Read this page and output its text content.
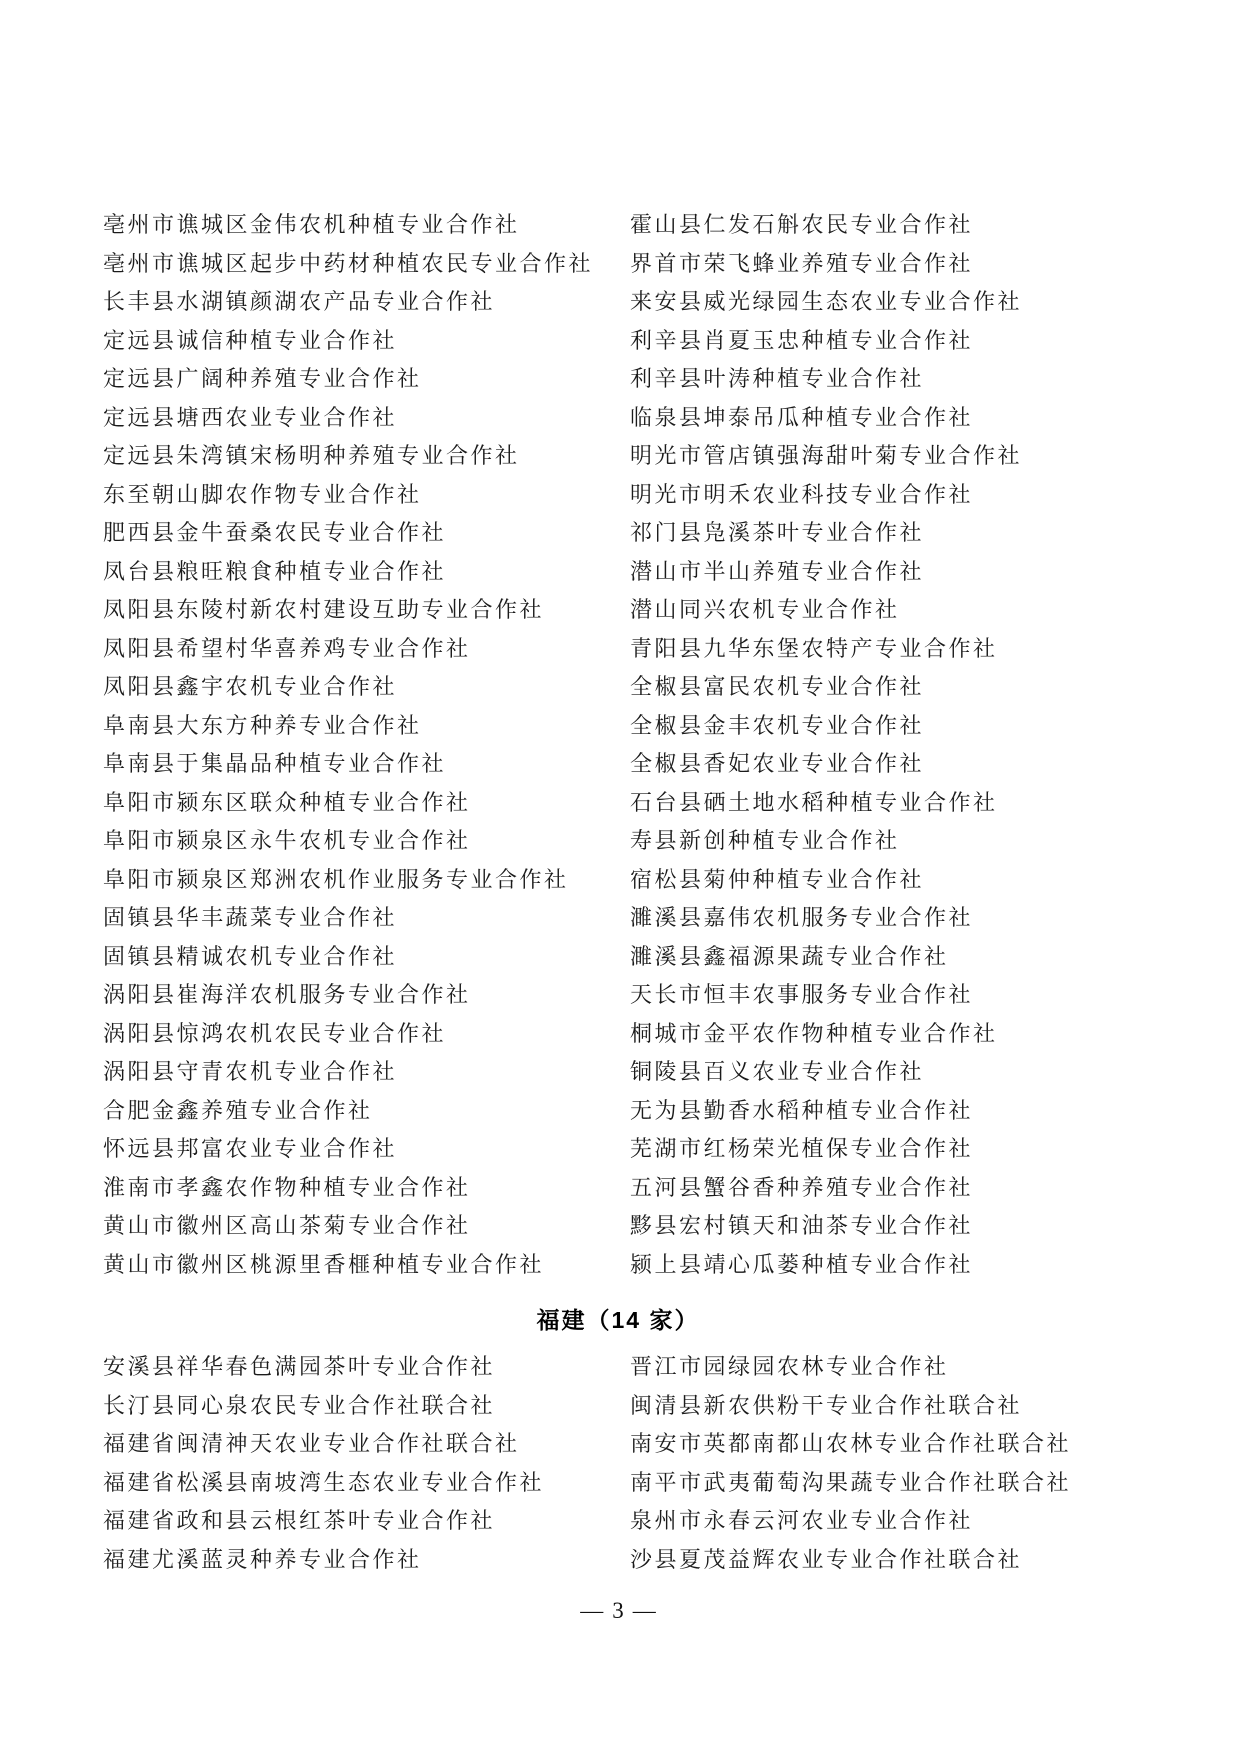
亳州市谯城区金伟农机种植专业合作社	霍山县仁发石斛农民专业合作社
亳州市谯城区起步中药材种植农民专业合作社	界首市荣飞蜂业养殖专业合作社
长丰县水湖镇颜湖农产品专业合作社	来安县威光绿园生态农业专业合作社
定远县诚信种植专业合作社	利辛县肖夏玉忠种植专业合作社
定远县广阔种养殖专业合作社	利辛县叶涛种植专业合作社
定远县塘西农业专业合作社	临泉县坤泰吊瓜种植专业合作社
定远县朱湾镇宋杨明种养殖专业合作社	明光市管店镇强海甜叶菊专业合作社
东至朝山脚农作物专业合作社	明光市明禾农业科技专业合作社
肥西县金牛蚕桑农民专业合作社	祁门县凫溪茶叶专业合作社
凤台县粮旺粮食种植专业合作社	潜山市半山养殖专业合作社
凤阳县东陵村新农村建设互助专业合作社	潜山同兴农机专业合作社
凤阳县希望村华喜养鸡专业合作社	青阳县九华东堡农特产专业合作社
凤阳县鑫宇农机专业合作社	全椒县富民农机专业合作社
阜南县大东方种养专业合作社	全椒县金丰农机专业合作社
阜南县于集晶品种植专业合作社	全椒县香妃农业专业合作社
阜阳市颍东区联众种植专业合作社	石台县硒土地水稻种植专业合作社
阜阳市颍泉区永牛农机专业合作社	寿县新创种植专业合作社
阜阳市颍泉区郑洲农机作业服务专业合作社	宿松县菊仲种植专业合作社
固镇县华丰蔬菜专业合作社	濉溪县嘉伟农机服务专业合作社
固镇县精诚农机专业合作社	濉溪县鑫福源果蔬专业合作社
涡阳县崔海洋农机服务专业合作社	天长市恒丰农事服务专业合作社
涡阳县惊鸿农机农民专业合作社	桐城市金平农作物种植专业合作社
涡阳县守青农机专业合作社	铜陵县百义农业专业合作社
合肥金鑫养殖专业合作社	无为县勤香水稻种植专业合作社
怀远县邦富农业专业合作社	芜湖市红杨荣光植保专业合作社
淮南市孝鑫农作物种植专业合作社	五河县蟹谷香种养殖专业合作社
黄山市徽州区高山茶菊专业合作社	黟县宏村镇天和油茶专业合作社
黄山市徽州区桃源里香榧种植专业合作社	颍上县靖心瓜蒌种植专业合作社
福建（14 家）
安溪县祥华春色满园茶叶专业合作社	晋江市园绿园农林专业合作社
长汀县同心泉农民专业合作社联合社	闽清县新农供粉干专业合作社联合社
福建省闽清神天农业专业合作社联合社	南安市英都南都山农林专业合作社联合社
福建省松溪县南坡湾生态农业专业合作社	南平市武夷葡萄沟果蔬专业合作社联合社
福建省政和县云根红茶叶专业合作社	泉州市永春云河农业专业合作社
福建尤溪蓝灵种养专业合作社	沙县夏茂益辉农业专业合作社联合社
— 3 —
